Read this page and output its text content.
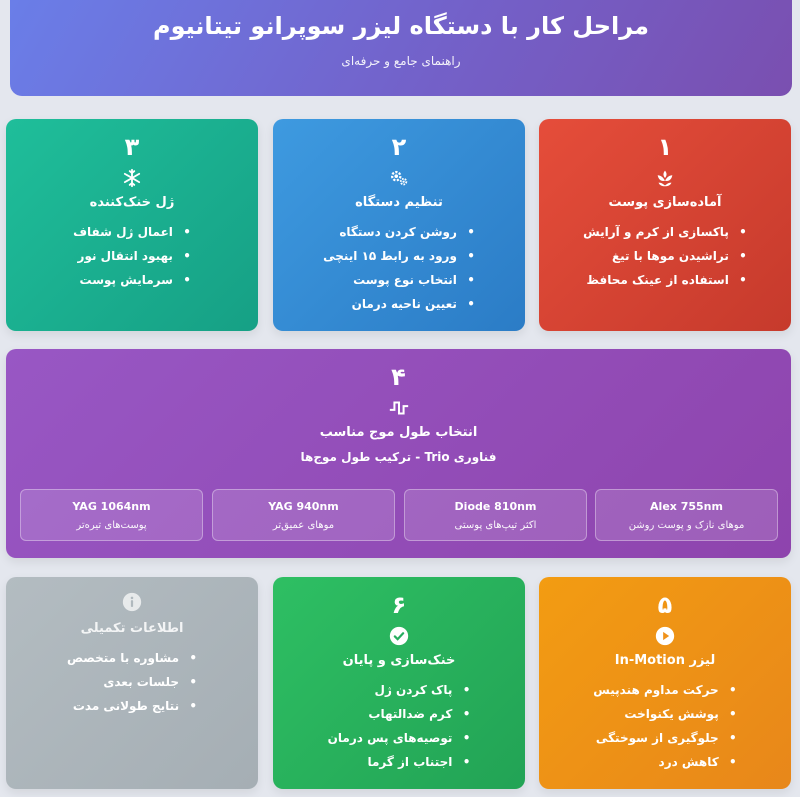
مراحل کار با دستگاه لیزر سوپرانو تیتانیوم
راهنمای جامع و حرفه‌ای
۱
آماده‌سازی پوست
• پاکسازی از کرم و آرایش
• تراشیدن موها با تیغ
• استفاده از عینک محافظ
۲
تنظیم دستگاه
• روشن کردن دستگاه
• ورود به رابط ۱۵ اینچی
• انتخاب نوع پوست
• تعیین ناحیه درمان
۳
ژل خنک‌کننده
• اعمال ژل شفاف
• بهبود انتقال نور
• سرمایش پوست
۴
انتخاب طول موج مناسب
فناوری Trio - ترکیب طول موج‌ها
Alex 755nm
موهای نازک و پوست روشن
Diode 810nm
اکثر تیپ‌های پوستی
YAG 940nm
موهای عمیق‌تر
YAG 1064nm
پوست‌های تیره‌تر
۵
لیزر In-Motion
• حرکت مداوم هندپیس
• پوشش یکنواخت
• جلوگیری از سوختگی
• کاهش درد
۶
خنک‌سازی و پایان
• پاک کردن ژل
• کرم ضدالتهاب
• توصیه‌های پس درمان
• اجتناب از گرما
اطلاعات تکمیلی
• مشاوره با متخصص
• جلسات بعدی
• نتایج طولانی مدت
